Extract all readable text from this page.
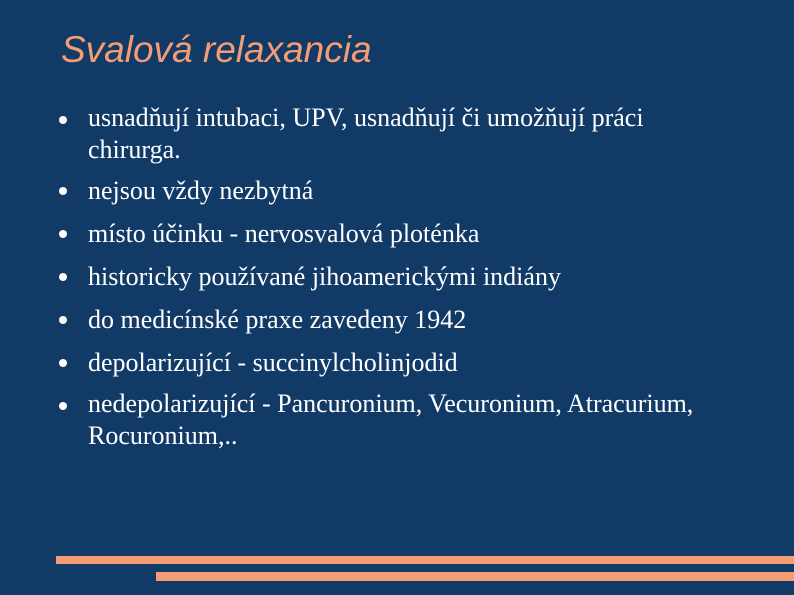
Svalová relaxancia
usnadňují intubaci, UPV, usnadňují či umožňují práci chirurga.
nejsou vždy nezbytná
místo účinku - nervosvalová ploténka
historicky používané jihoamerickými indiány
do medicínské praxe zavedeny 1942
depolarizující - succinylcholinjodid
nedepolarizující - Pancuronium, Vecuronium, Atracurium, Rocuronium,..
